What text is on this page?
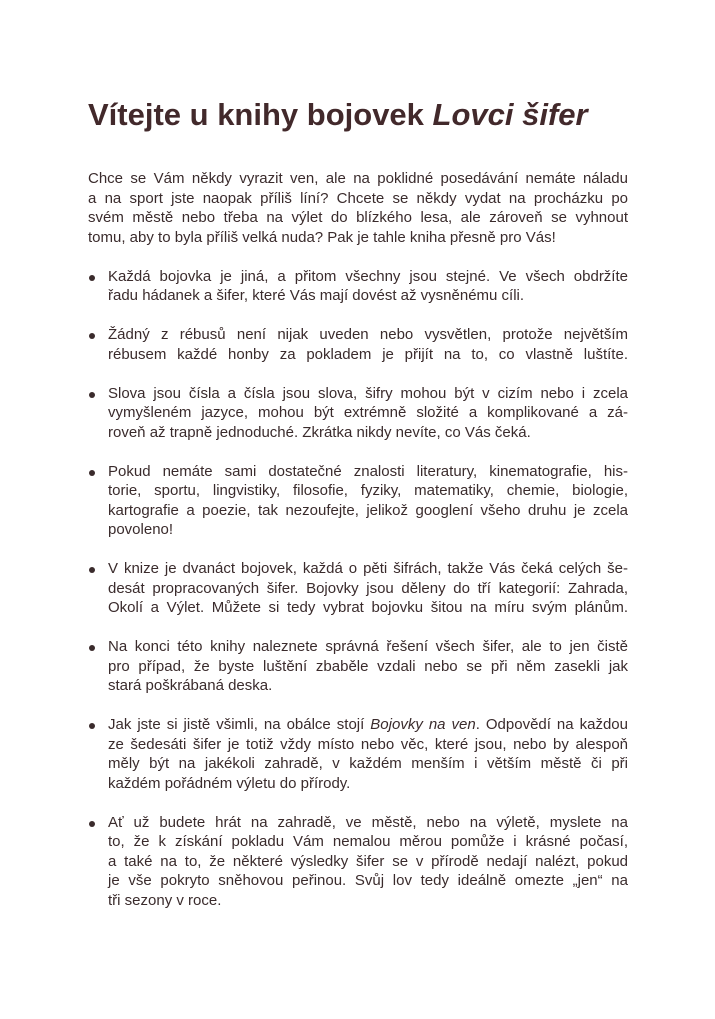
Vítejte u knihy bojovek Lovci šifer
Chce se Vám někdy vyrazit ven, ale na poklidné posedávání nemáte náladu
a na sport jste naopak příliš líní? Chcete se někdy vydat na procházku po
svém městě nebo třeba na výlet do blízkého lesa, ale zároveň se vyhnout
tomu, aby to byla příliš velká nuda? Pak je tahle kniha přesně pro Vás!
Každá bojovka je jiná, a přitom všechny jsou stejné. Ve všech obdržíte
řadu hádanek a šifer, které Vás mají dovést až vysněnému cíli.
Žádný z rébusů není nijak uveden nebo vysvětlen, protože největším
rébusem každé honby za pokladem je přijít na to, co vlastně luštíte.
Slova jsou čísla a čísla jsou slova, šifry mohou být v cizím nebo i zcela
vymyšleném jazyce, mohou být extrémně složité a komplikované a zá-
roveň až trapně jednoduché. Zkrátka nikdy nevíte, co Vás čeká.
Pokud nemáte sami dostatečné znalosti literatury, kinematografie, his-
torie, sportu, lingvistiky, filosofie, fyziky, matematiky, chemie, biologie,
kartografie a poezie, tak nezoufejte, jelikož googlení všeho druhu je zcela
povoleno!
V knize je dvanáct bojovek, každá o pěti šifrách, takže Vás čeká celých še-
desát propracovaných šifer. Bojovky jsou děleny do tří kategorií: Zahrada,
Okolí a Výlet. Můžete si tedy vybrat bojovku šitou na míru svým plánům.
Na konci této knihy naleznete správná řešení všech šifer, ale to jen čistě
pro případ, že byste luštění zbaběle vzdali nebo se při něm zasekli jak
stará poškrábaná deska.
Jak jste si jistě všimli, na obálce stojí Bojovky na ven. Odpovědí na každou
ze šedesáti šifer je totiž vždy místo nebo věc, které jsou, nebo by alespoň
měly být na jakékoli zahradě, v každém menším i větším městě či při
každém pořádném výletu do přírody.
Ať už budete hrát na zahradě, ve městě, nebo na výletě, myslete na
to, že k získání pokladu Vám nemalou měrou pomůže i krásné počasí,
a také na to, že některé výsledky šifer se v přírodě nedají nalézt, pokud
je vše pokryto sněhovou peřinou. Svůj lov tedy ideálně omezte „jen“ na
tři sezony v roce.
